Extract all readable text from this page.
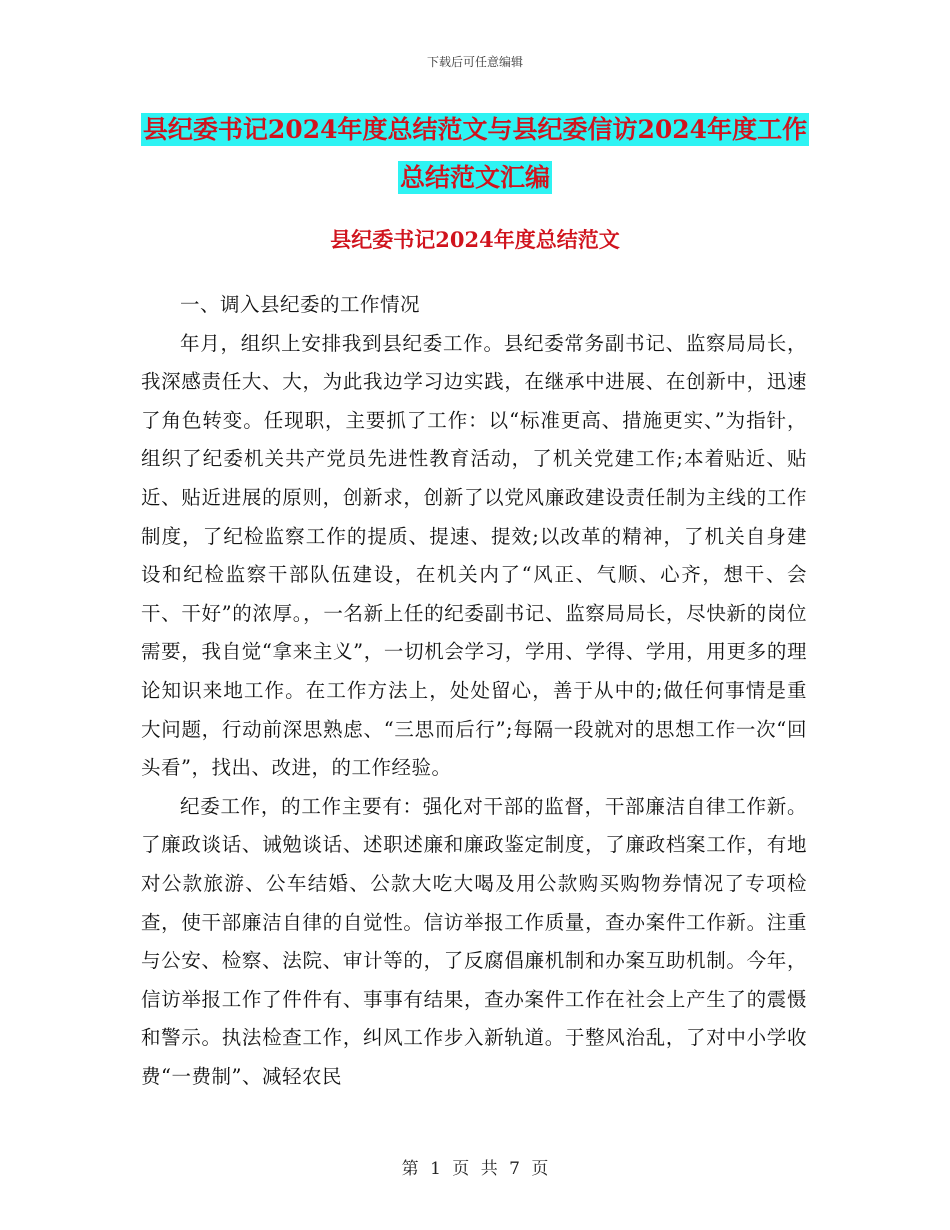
下载后可任意编辑
县纪委书记2024年度总结范文与县纪委信访2024年度工作总结范文汇编
县纪委书记2024年度总结范文

一、调入县纪委的工作情况

年月，组织上安排我到县纪委工作。县纪委常务副书记、监察局局长，我深感责任大、大，为此我边学习边实践，在继承中进展、在创新中，迅速了角色转变。任现职，主要抓了工作：以“标准更高、措施更实、”为指针，组织了纪委机关共产党员先进性教育活动，了机关党建工作;本着贴近、贴近、贴近进展的原则，创新求，创新了以党风廉政建设责任制为主线的工作制度，了纪检监察工作的提质、提速、提效;以改革的精神，了机关自身建设和纪检监察干部队伍建设，在机关内了“风正、气顺、心齐，想干、会干、干好”的浓厚。，一名新上任的纪委副书记、监察局局长，尽快新的岗位需要，我自觉“拿来主义”，一切机会学习，学用、学得、学用，用更多的理论知识来地工作。在工作方法上，处处留心，善于从中的;做任何事情是重大问题，行动前深思熟虑、“三思而后行”;每隔一段就对的思想工作一次“回头看”，找出、改进，的工作经验。

纪委工作，的工作主要有：强化对干部的监督，干部廉洁自律工作新。了廉政谈话、诫勉谈话、述职述廉和廉政鉴定制度，了廉政档案工作，有地对公款旅游、公车结婚、公款大吃大喝及用公款购买购物券情况了专项检查，使干部廉洁自律的自觉性。信访举报工作质量，查办案件工作新。注重与公安、检察、法院、审计等的，了反腐倡廉机制和办案互助机制。今年，信访举报工作了件件有、事事有结果，查办案件工作在社会上产生了的震慑和警示。执法检查工作，纠风工作步入新轨道。于整风治乱，了对中小学收费“一费制”、减轻农民

第 1 页 共 7 页
